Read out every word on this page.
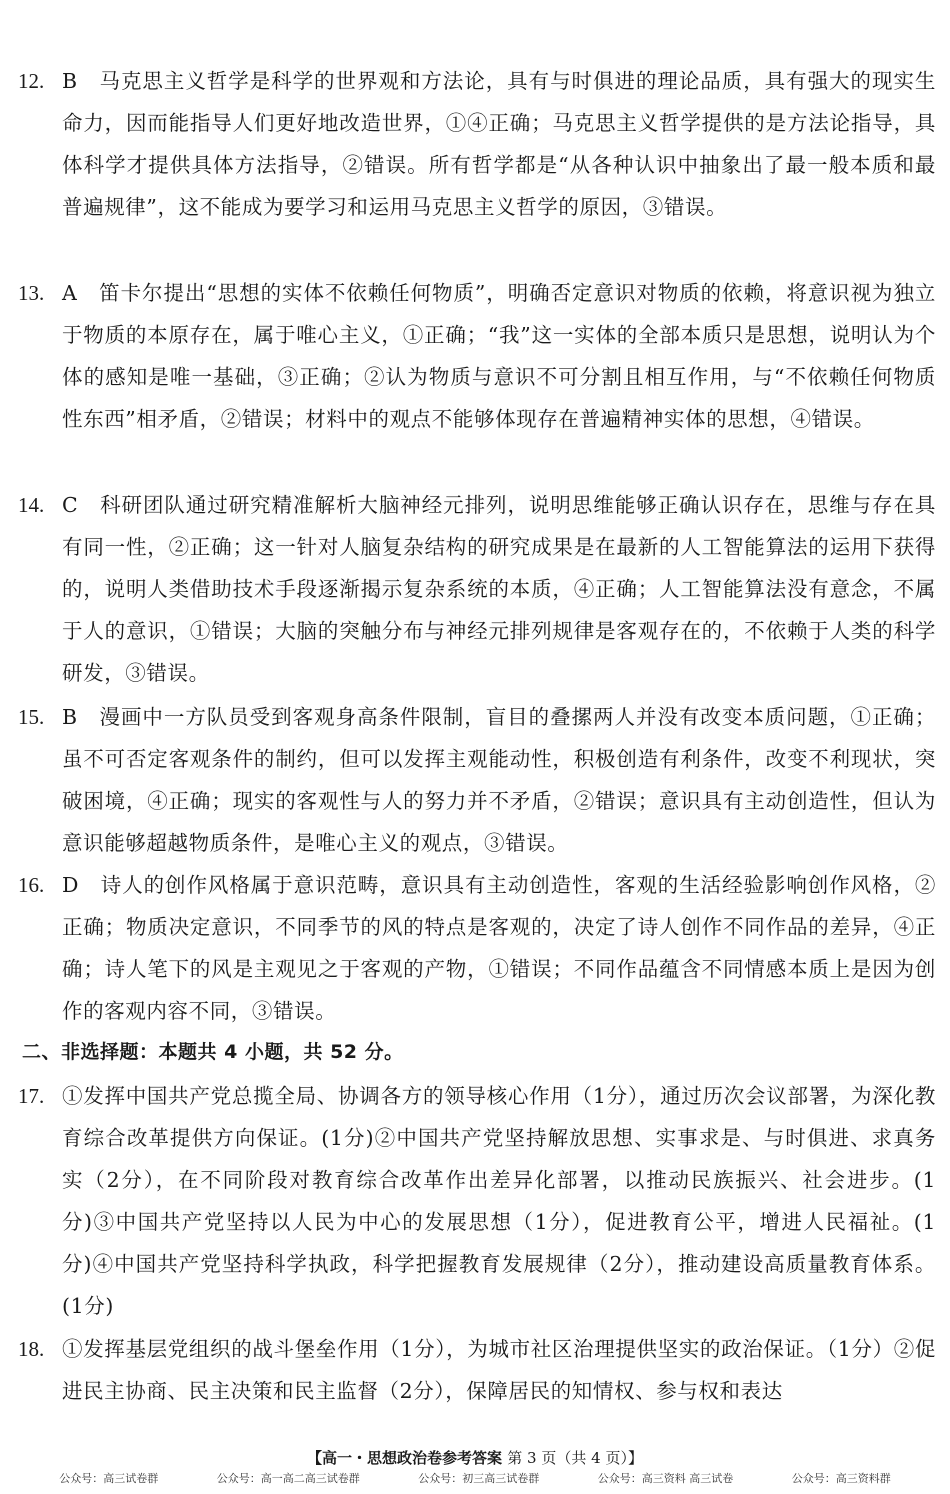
12. B　马克思主义哲学是科学的世界观和方法论，具有与时俱进的理论品质，具有强大的现实生命力，因而能指导人们更好地改造世界，①④正确；马克思主义哲学提供的是方法论指导，具体科学才提供具体方法指导，②错误。所有哲学都是“从各种认识中抽象出了最一般本质和最普遍规律”，这不能成为要学习和运用马克思主义哲学的原因，③错误。
13. A　笛卡尔提出“思想的实体不依赖任何物质”，明确否定意识对物质的依赖，将意识视为独立于物质的本原存在，属于唯心主义，①正确；“我”这一实体的全部本质只是思想，说明认为个体的感知是唯一基础，③正确；②认为物质与意识不可分割且相互作用，与“不依赖任何物质性东西”相矛盾，②错误；材料中的观点不能够体现存在普遍精神实体的思想，④错误。
14. C　科研团队通过研究精准解析大脑神经元排列，说明思维能够正确认识存在，思维与存在具有同一性，②正确；这一针对人脑复杂结构的研究成果是在最新的人工智能算法的运用下获得的，说明人类借助技术手段逐渐揭示复杂系统的本质，④正确；人工智能算法没有意念，不属于人的意识，①错误；大脑的突触分布与神经元排列规律是客观存在的，不依赖于人类的科学研发，③错误。
15. B　漫画中一方队员受到客观身高条件限制，盲目的叠摞两人并没有改变本质问题，①正确；虽不可否定客观条件的制约，但可以发挥主观能动性，积极创造有利条件，改变不利现状，突破困境，④正确；现实的客观性与人的努力并不矛盾，②错误；意识具有主动创造性，但认为意识能够超越物质条件，是唯心主义的观点，③错误。
16. D　诗人的创作风格属于意识范畴，意识具有主动创造性，客观的生活经验影响创作风格，②正确；物质决定意识，不同季节的风的特点是客观的，决定了诗人创作不同作品的差异，④正确；诗人笔下的风是主观见之于客观的产物，①错误；不同作品蕴含不同情感本质上是因为创作的客观内容不同，③错误。
二、非选择题：本题共 4 小题，共 52 分。
17. ①发挥中国共产党总揽全局、协调各方的领导核心作用（1分），通过历次会议部署，为深化教育综合改革提供方向保证。(1分)②中国共产党坚持解放思想、实事求是、与时俱进、求真务实（2分），在不同阶段对教育综合改革作出差异化部署，以推动民族振兴、社会进步。(1分)③中国共产党坚持以人民为中心的发展思想（1分），促进教育公平，增进人民福祉。(1分)④中国共产党坚持科学执政，科学把握教育发展规律（2分），推动建设高质量教育体系。(1分)
18. ①发挥基层党组织的战斗堡垒作用（1分），为城市社区治理提供坚实的政治保证。（1分）②促进民主协商、民主决策和民主监督（2分），保障居民的知情权、参与权和表达
【高一・思想政治卷参考答案 第 3 页（共 4 页）】
公众号：高三试卷群	公众号：高一高二高三试卷群	公众号：初三高三试卷群	公众号：高三资料 高三试卷	公众号：高三资料群
